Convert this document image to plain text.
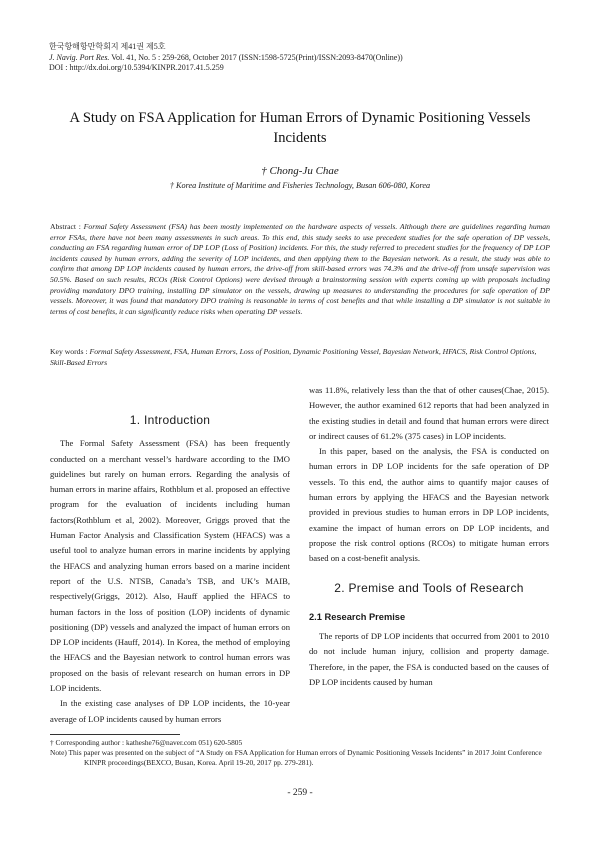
한국항해항만학회지 제41권 제5호
J. Navig. Port Res. Vol. 41, No. 5 : 259-268, October 2017 (ISSN:1598-5725(Print)/ISSN:2093-8470(Online))
DOI : http://dx.doi.org/10.5394/KINPR.2017.41.5.259
A Study on FSA Application for Human Errors of Dynamic Positioning Vessels Incidents
† Chong-Ju Chae
† Korea Institute of Maritime and Fisheries Technology, Busan 606-080, Korea
Abstract : Formal Safety Assessment (FSA) has been mostly implemented on the hardware aspects of vessels. Although there are guidelines regarding human error FSAs, there have not been many assessments in such areas. To this end, this study seeks to use precedent studies for the safe operation of DP vessels, conducting an FSA regarding human error of DP LOP (Loss of Position) incidents. For this, the study referred to precedent studies for the frequency of DP LOP incidents caused by human errors, adding the severity of LOP incidents, and then applying them to the Bayesian network. As a result, the study was able to confirm that among DP LOP incidents caused by human errors, the drive-off from skill-based errors was 74.3% and the drive-off from unsafe supervision was 50.5%. Based on such results, RCOs (Risk Control Options) were devised through a brainstorming session with experts coming up with proposals including providing mandatory DPO training, installing DP simulator on the vessels, drawing up measures to understanding the procedures for safe operation of DP vessels. Moreover, it was found that mandatory DPO training is reasonable in terms of cost benefits and that while installing a DP simulator is not suitable in terms of cost benefits, it can significantly reduce risks when operating DP vessels.
Key words : Formal Safety Assessment, FSA, Human Errors, Loss of Position, Dynamic Positioning Vessel, Bayesian Network, HFACS, Risk Control Options, Skill-Based Errors
1. Introduction

The Formal Safety Assessment (FSA) has been frequently conducted on a merchant vessel’s hardware according to the IMO guidelines but rarely on human errors. Regarding the analysis of human errors in marine affairs, Rothblum et al. proposed an effective program for the evaluation of incidents including human factors(Rothblum et al, 2002). Moreover, Griggs proved that the Human Factor Analysis and Classification System (HFACS) was a useful tool to analyze human errors in marine incidents by applying the HFACS and analyzing human errors based on a marine incident report of the U.S. NTSB, Canada’s TSB, and UK’s MAIB, respectively(Griggs, 2012). Also, Hauff applied the HFACS to human factors in the loss of position (LOP) incidents of dynamic positioning (DP) vessels and analyzed the impact of human errors on DP LOP incidents (Hauff, 2014). In Korea, the method of employing the HFACS and the Bayesian network to control human errors was proposed on the basis of relevant research on human errors in DP LOP incidents.

In the existing case analyses of DP LOP incidents, the 10-year average of LOP incidents caused by human errors

was 11.8%, relatively less than the that of other causes(Chae, 2015). However, the author examined 612 reports that had been analyzed in the existing studies in detail and found that human errors were direct or indirect causes of 61.2% (375 cases) in LOP incidents.

In this paper, based on the analysis, the FSA is conducted on human errors in DP LOP incidents for the safe operation of DP vessels. To this end, the author aims to quantify major causes of human errors by applying the HFACS and the Bayesian network provided in previous studies to human errors in DP LOP incidents, examine the impact of human errors on DP LOP incidents, and propose the risk control options (RCOs) to mitigate human errors based on a cost-benefit analysis.

2. Premise and Tools of Research
2.1 Research Premise

The reports of DP LOP incidents that occurred from 2001 to 2010 do not include human injury, collision and property damage. Therefore, in the paper, the FSA is conducted based on the causes of DP LOP incidents caused by human

† Corresponding author : katheshe76@naver.com 051) 620-5805
Note) This paper was presented on the subject of “A Study on FSA Application for Human errors of Dynamic Positioning Vessels Incidents” in 2017 Joint Conference KINPR proceedings(BEXCO, Busan, Korea. April 19-20, 2017 pp. 279-281).
- 259 -
